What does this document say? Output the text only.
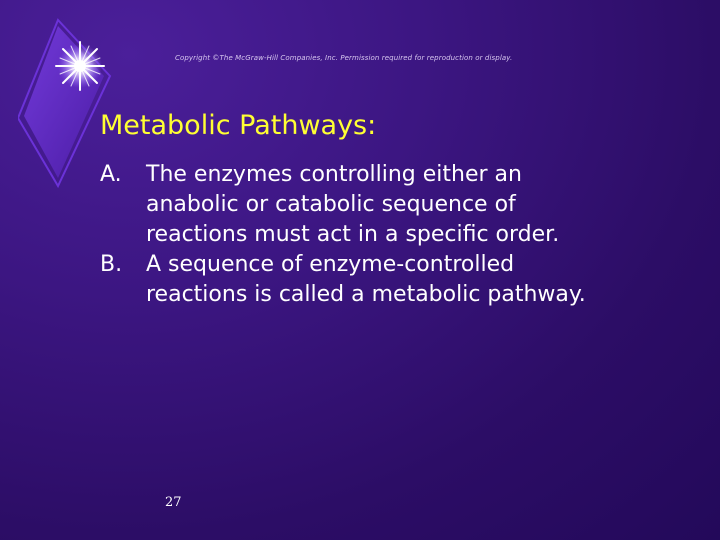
Copyright ©The McGraw-Hill Companies, Inc. Permission required for reproduction or display.
Metabolic Pathways:
A.	The enzymes controlling either an
anabolic or catabolic sequence of
reactions must act in a specific order.
B.	A sequence of enzyme-controlled
reactions is called a metabolic pathway.
27
